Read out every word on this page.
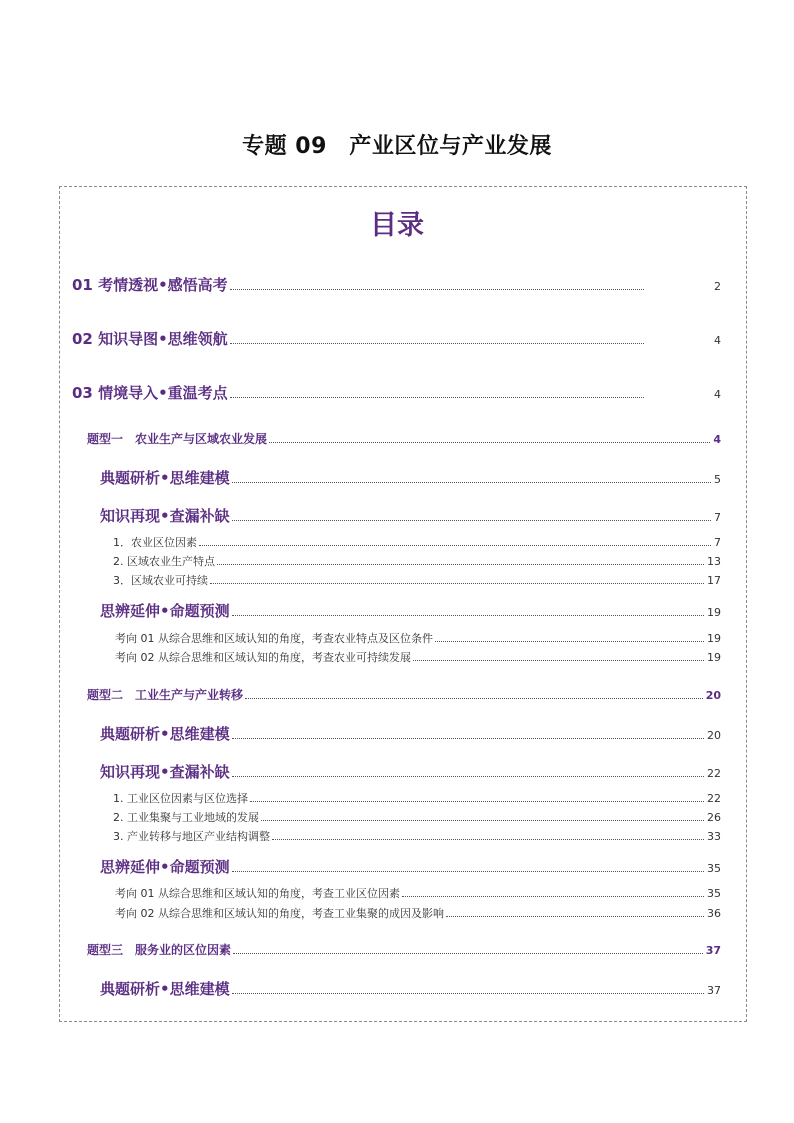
专题 09　产业区位与产业发展
目录
01 考情透视•感悟高考	2
02 知识导图•思维领航	4
03 情境导入•重温考点	4
题型一　农业生产与区域农业发展	4
典题研析•思维建模	5
知识再现•查漏补缺	7
1．农业区位因素	7
2. 区域农业生产特点	13
3．区域农业可持续	17
思辨延伸•命题预测	19
考向 01 从综合思维和区域认知的角度，考查农业特点及区位条件	19
考向 02 从综合思维和区域认知的角度，考查农业可持续发展	19
题型二　工业生产与产业转移	20
典题研析•思维建模	20
知识再现•查漏补缺	22
1. 工业区位因素与区位选择	22
2. 工业集聚与工业地域的发展	26
3. 产业转移与地区产业结构调整	33
思辨延伸•命题预测	35
考向 01 从综合思维和区域认知的角度，考查工业区位因素	35
考向 02 从综合思维和区域认知的角度，考查工业集聚的成因及影响	36
题型三　服务业的区位因素	37
典题研析•思维建模	37
